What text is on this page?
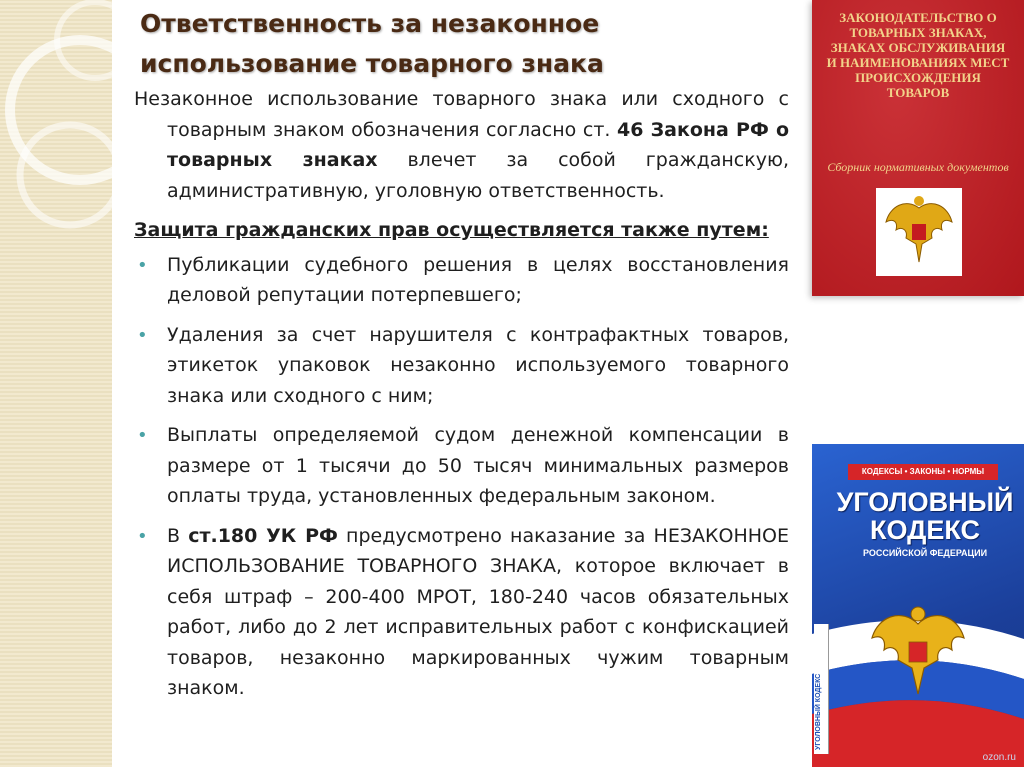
Ответственность за незаконное использование товарного знака

Незаконное использование товарного знака или сходного с товарным знаком обозначения согласно ст. 46 Закона РФ о товарных знаках влечет за собой гражданскую, административную, уголовную ответственность.

Защита гражданских прав осуществляется также путем:
• Публикации судебного решения в целях восстановления деловой репутации потерпевшего;
• Удаления за счет нарушителя с контрафактных товаров, этикеток упаковок незаконно используемого товарного знака или сходного с ним;
• Выплаты определяемой судом денежной компенсации в размере от 1 тысячи до 50 тысяч минимальных размеров оплаты труда, установленных федеральным законом.
• В ст.180 УК РФ предусмотрено наказание за НЕЗАКОННОЕ ИСПОЛЬЗОВАНИЕ ТОВАРНОГО ЗНАКА, которое включает в себя штраф – 200-400 МРОТ, 180-240 часов обязательных работ, либо до 2 лет исправительных работ с конфискацией товаров, незаконно маркированных чужим товарным знаком.
ЗАКОНОДАТЕЛЬСТВО О ТОВАРНЫХ ЗНАКАХ, ЗНАКАХ ОБСЛУЖИВАНИЯ И НАИМЕНОВАНИЯХ МЕСТ ПРОИСХОЖДЕНИЯ ТОВАРОВ
Сборник нормативных документов
КОДЕКСЫ • ЗАКОНЫ • НОРМЫ
УГОЛОВНЫЙ КОДЕКС
РОССИЙСКОЙ ФЕДЕРАЦИИ
УГОЛОВНЫЙ КОДЕКС
ozon.ru
